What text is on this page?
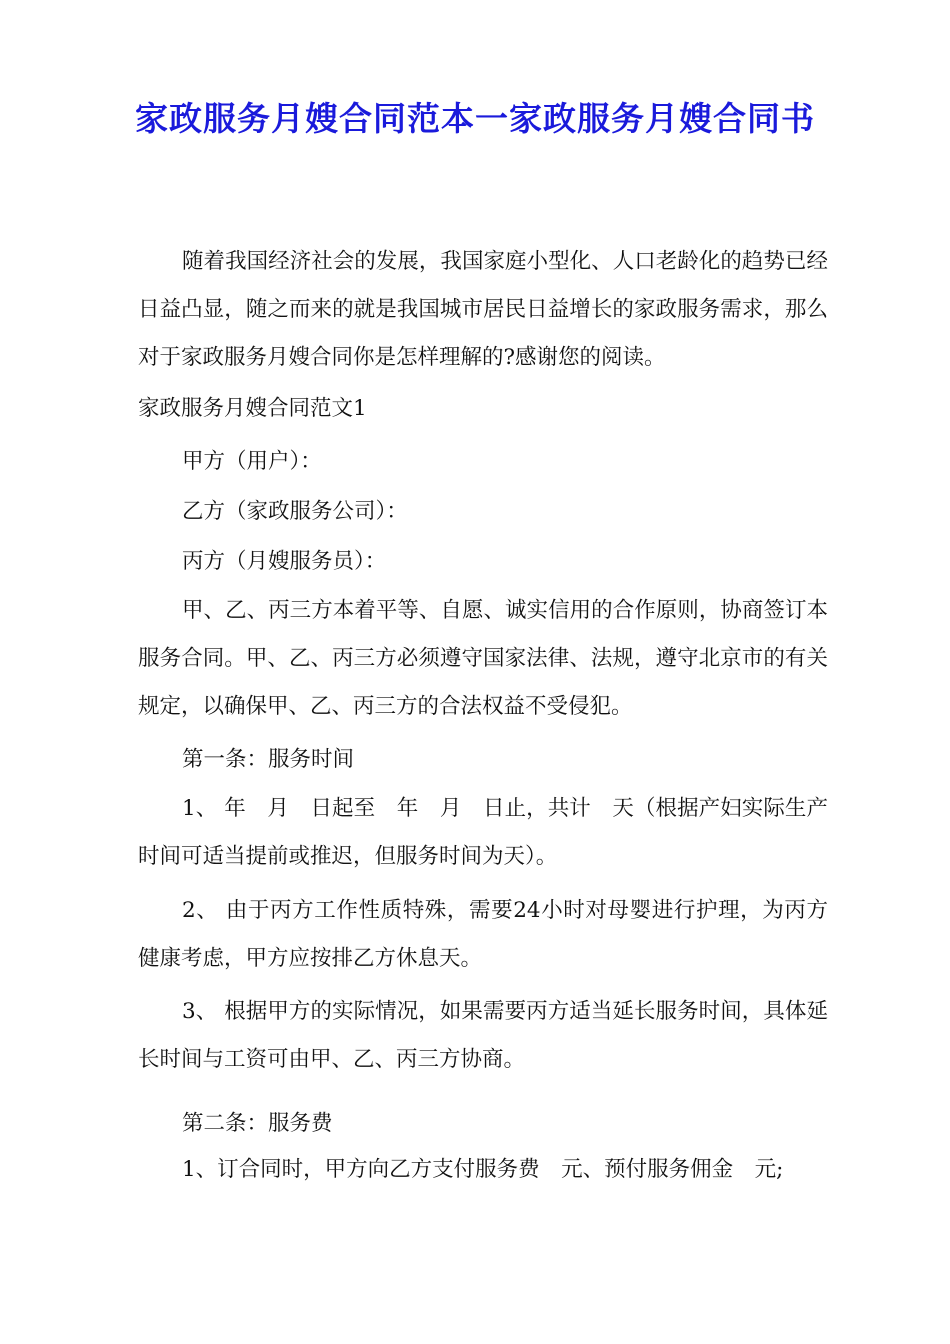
家政服务月嫂合同范本一家政服务月嫂合同书

随着我国经济社会的发展，我国家庭小型化、人口老龄化的趋势已经日益凸显，随之而来的就是我国城市居民日益增长的家政服务需求，那么对于家政服务月嫂合同你是怎样理解的?感谢您的阅读。

家政服务月嫂合同范文1

甲方（用户）：

乙方（家政服务公司）：

丙方（月嫂服务员）：

甲、乙、丙三方本着平等、自愿、诚实信用的合作原则，协商签订本服务合同。甲、乙、丙三方必须遵守国家法律、法规，遵守北京市的有关规定，以确保甲、乙、丙三方的合法权益不受侵犯。

第一条：服务时间

1、 年　月　日起至　年　月　日止，共计　天（根据产妇实际生产时间可适当提前或推迟，但服务时间为天）。

2、 由于丙方工作性质特殊，需要24小时对母婴进行护理，为丙方健康考虑，甲方应按排乙方休息天。

3、 根据甲方的实际情况，如果需要丙方适当延长服务时间，具体延长时间与工资可由甲、乙、丙三方协商。

第二条：服务费

1、订合同时，甲方向乙方支付服务费　元、预付服务佣金　元;
